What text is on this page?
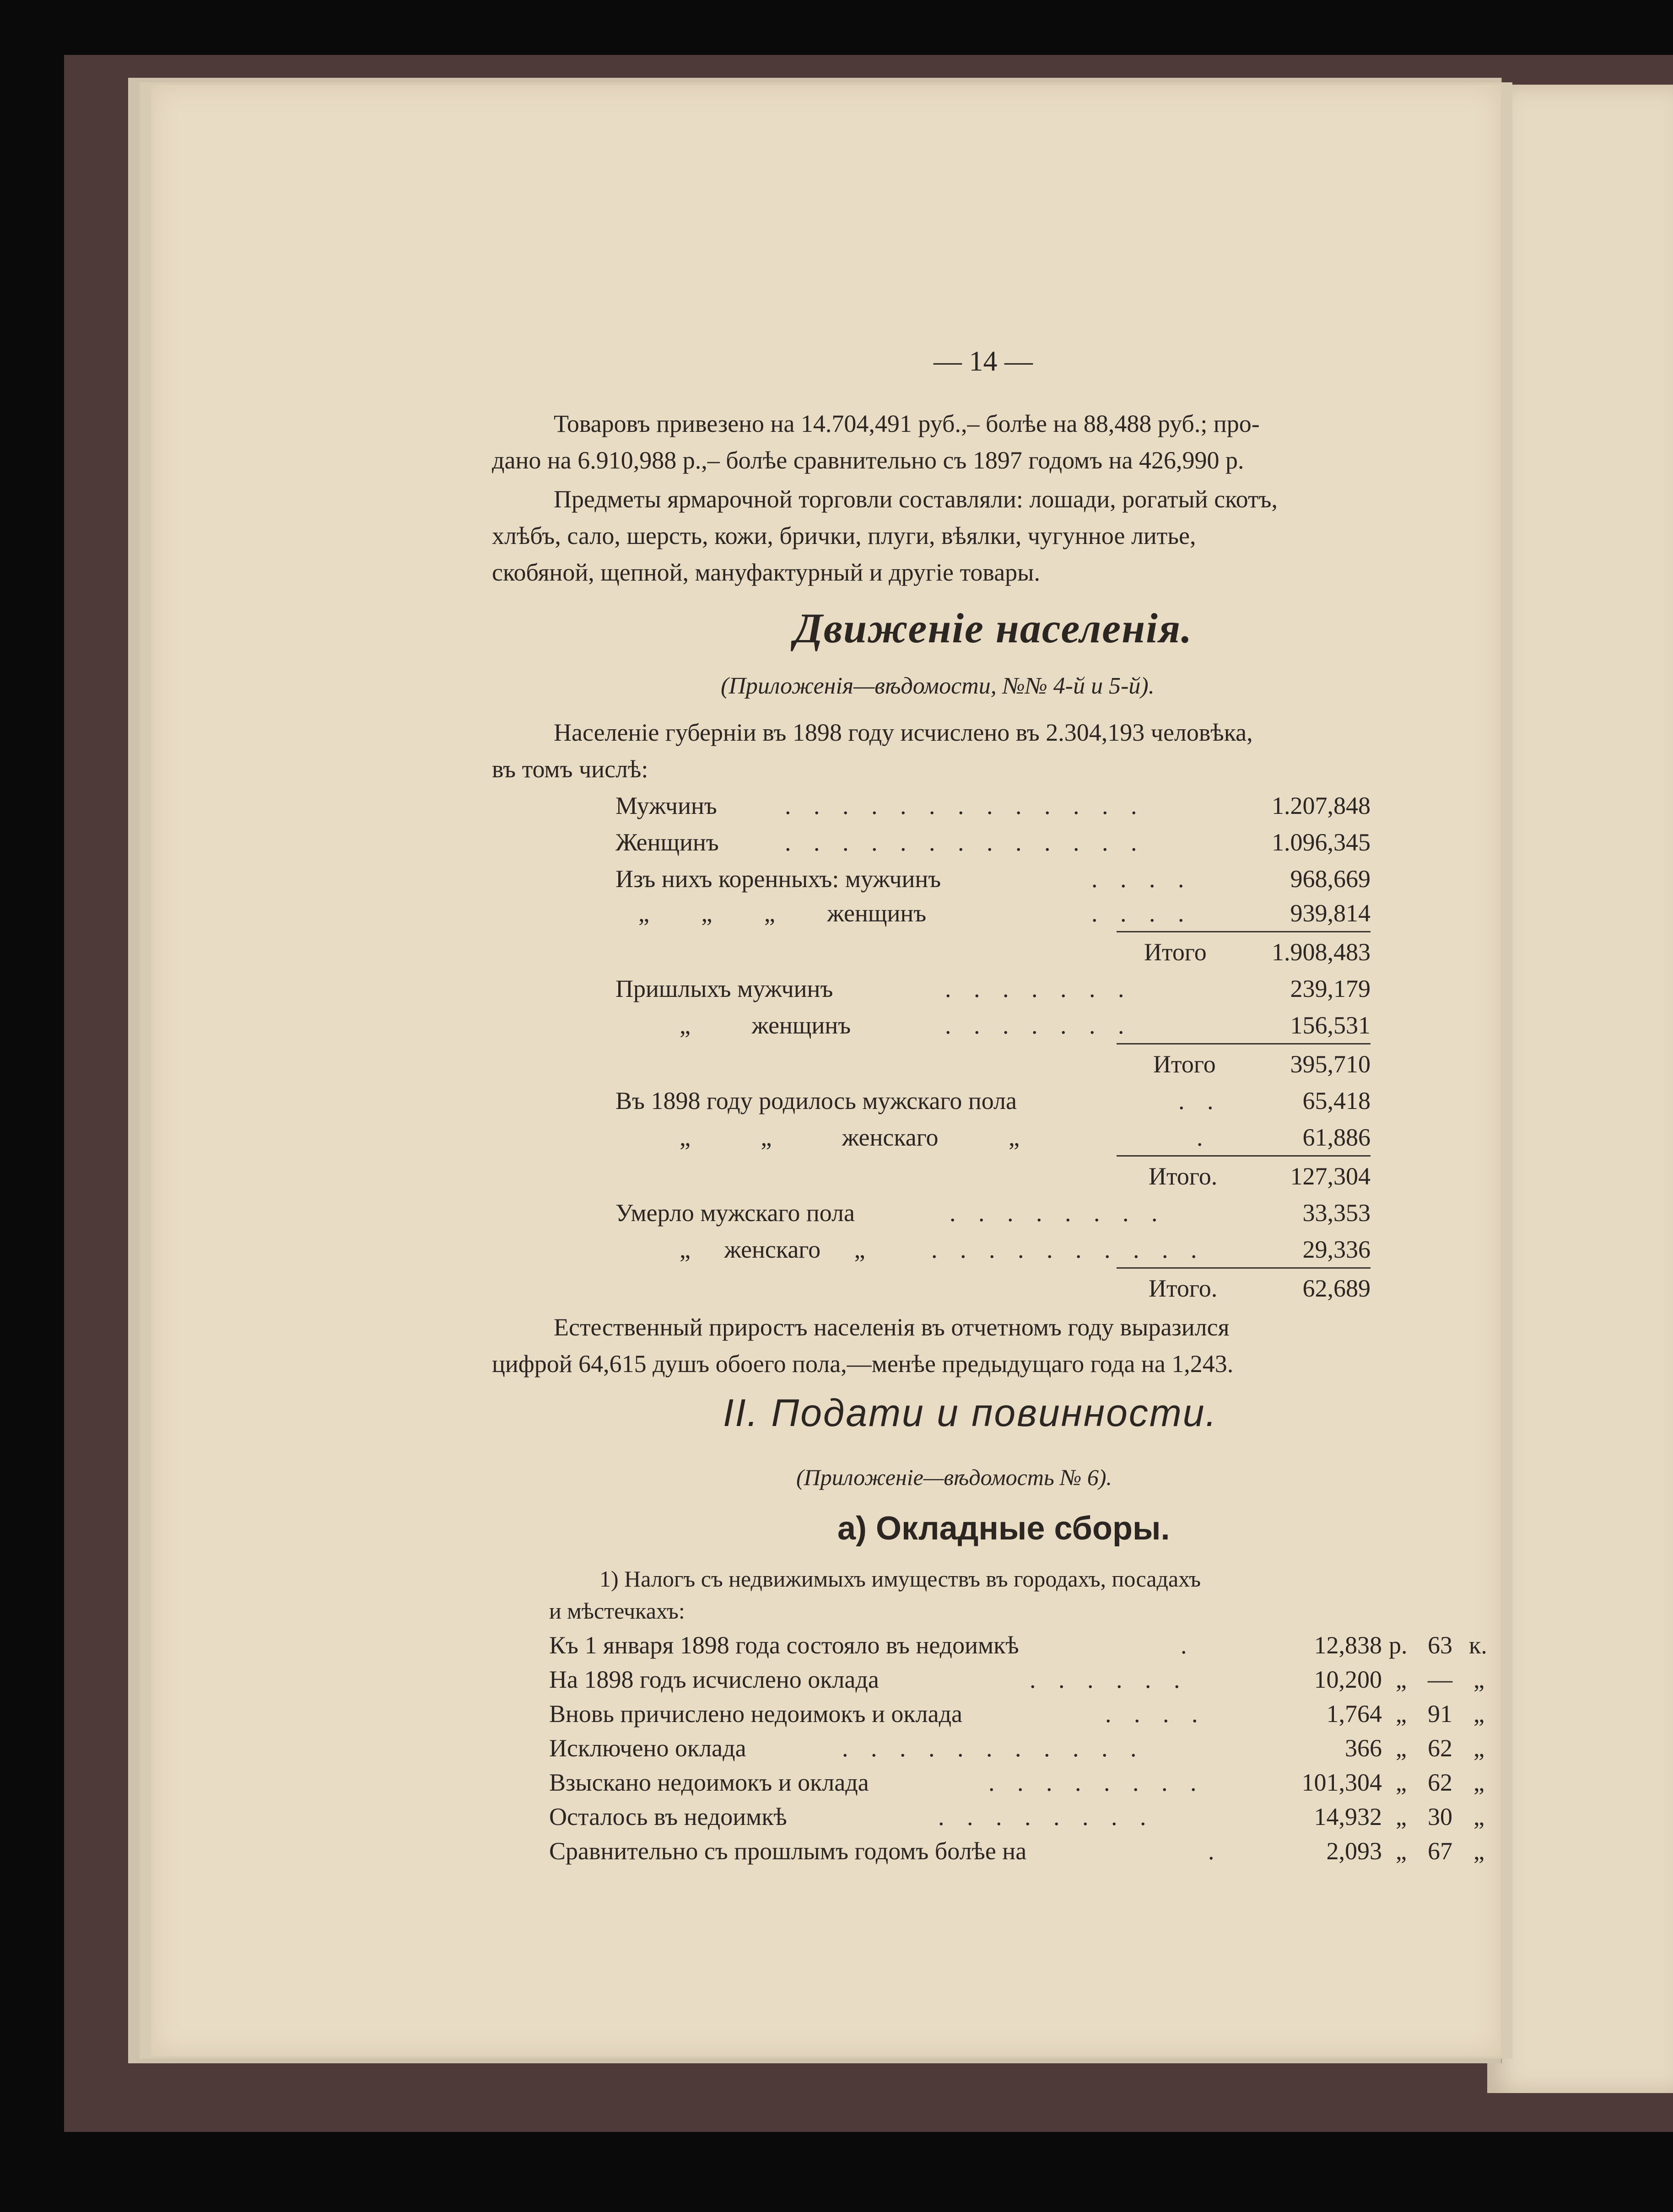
— 14 —
Товаровъ привезено на 14.704,491 руб.,– болѣе на 88,488 руб.; про-
дано на 6.910,988 р.,– болѣе сравнительно съ 1897 годомъ на 426,990 р.
Предметы ярмарочной торговли составляли: лошади, рогатый скотъ,
хлѣбъ, сало, шерсть, кожи, брички, плуги, вѣялки, чугунное литье,
скобяной, щепной, мануфактурный и другіе товары.
Движеніе населенія.
(Приложенія—вѣдомости, №№ 4-й и 5-й).
Населеніе губерніи въ 1898 году исчислено въ 2.304,193 человѣка,
въ томъ числѣ:
Мужчинъ	. . . . . . . . . . . . .	1.207,848
Женщинъ	. . . . . . . . . . . . .	1.096,345
Изъ нихъ коренныхъ: мужчинъ	. . . .	968,669
„ „ „ женщинъ	. . . .	939,814
Итого	1.908,483
Пришлыхъ мужчинъ	. . . . . . .	239,179
„ женщинъ	. . . . . . .	156,531
Итого	395,710
Въ 1898 году родилось мужскаго пола	. .	65,418
„ „ женскаго „	.	61,886
Итого.	127,304
Умерло мужскаго пола	. . . . . . . .	33,353
„ женскаго „	. . . . . . . . . .	29,336
Итого.	62,689
Естественный приростъ населенія въ отчетномъ году выразился
цифрой 64,615 душъ обоего пола,—менѣе предыдущаго года на 1,243.
II. Подати и повинности.
(Приложеніе—вѣдомость № 6).
а) Окладные сборы.
1) Налогъ съ недвижимыхъ имуществъ въ городахъ, посадахъ
и мѣстечкахъ:
Къ 1 января 1898 года состояло въ недоимкѣ	.	12,838 р. 63 к.
На 1898 годъ исчислено оклада	. . . . . .	10,200 „ — „
Вновь причислено недоимокъ и оклада	. . . .	1,764 „ 91 „
Исключено оклада	. . . . . . . . . . .	366 „ 62 „
Взыскано недоимокъ и оклада	. . . . . . . .	101,304 „ 62 „
Осталось въ недоимкѣ	. . . . . . . .	14,932 „ 30 „
Сравнительно съ прошлымъ годомъ болѣе на	.	2,093 „ 67 „
